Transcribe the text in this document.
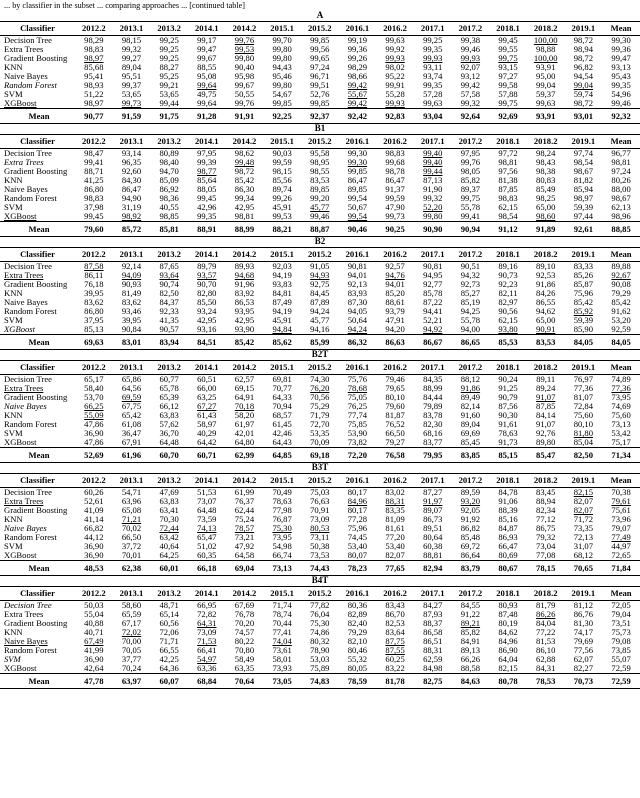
... by classifier in the subset ... comparing approaches ... [continued table]
A
Classifier	2012.2	2013.1	2013.2	2014.1	2014.2	2015.1	2015.2	2016.1	2016.2	2017.1	2017.2	2018.1	2018.2	2019.1	Mean
Decision Tree	98,29	98,15	99,25	99,17	99,76	99,70	99,85	99,19	99,63	99,25	99,38	99,45	100,00	98,72	99,30
Extra Trees	98,83	99,32	99,25	99,47	99,53	99,80	99,56	99,36	99,92	99,35	99,46	99,55	98,88	98,94	99,36
Gradient Boosting	98,97	99,27	99,25	99,67	99,80	99,80	99,65	99,26	99,93	99,93	99,93	99,75	100,00	98,72	99,47
KNN	85,68	89,04	88,27	88,55	90,40	94,43	97,24	98,29	98,02	93,11	92,07	93,15	93,91	96,82	93,13
Naive Bayes	95,41	95,51	95,25	95,08	95,98	95,46	96,71	98,66	95,22	93,74	93,12	97,27	95,00	94,54	95,43
Random Forest	98,93	99,37	99,21	99,64	99,67	99,80	99,51	99,42	99,91	99,35	99,42	99,58	99,04	99,04	99,35
SVM	51,22	53,65	53,65	49,75	50,55	54,67	52,76	55,67	55,28	57,28	57,58	57,88	59,37	59,74	54,96
XGBoost	98,97	99,73	99,44	99,64	99,76	99,85	99,85	99,42	99,93	99,63	99,32	99,75	99,63	98,72	99,46
Mean	90,77	91,59	91,75	91,28	91,91	92,25	92,37	92,42	92,83	93,04	92,64	92,69	93,91	93,01	92,32
B1
Classifier	2012.2	2013.1	2013.2	2014.1	2014.2	2015.1	2015.2	2016.1	2016.2	2017.1	2017.2	2018.1	2018.2	2019.1	Mean
Decision Tree	98,47	93,14	80,89	97,95	98,62	90,03	95,58	99,30	98,83	99,40	97,95	97,72	98,24	97,74	96,77
Extra Trees	99,41	96,35	98,40	99,39	99,48	99,59	98,95	99,30	99,68	99,40	99,76	98,81	98,43	98,54	98,81
Gradient Boosting	88,71	92,60	94,70	98,77	98,72	98,15	98,55	99,85	98,78	99,44	98,05	97,56	98,38	98,67	97,24
KNN	41,25	84,30	85,09	85,64	85,42	85,56	83,53	86,47	86,47	87,13	85,82	81,38	80,83	81,82	80,26
Naive Bayes	86,80	86,47	86,92	88,05	86,30	89,74	89,85	89,85	91,37	91,90	89,37	87,85	85,49	85,94	88,00
Random Forest	98,83	94,90	98,36	99,45	99,34	99,26	99,20	99,54	99,59	99,32	99,75	98,83	98,25	98,97	98,67
SVM	37,98	31,19	40,55	42,96	42,95	45,91	45,77	50,67	47,90	52,20	55,78	62,15	65,00	59,39	62,13
XGBoost	99,45	98,92	98,85	99,35	98,81	99,53	99,46	99,54	99,73	99,80	99,41	98,54	98,60	97,44	98,96
Mean	79,60	85,72	85,81	88,91	88,99	88,21	88,87	90,46	90,25	90,90	90,94	91,12	91,89	92,61	88,85
B2
Classifier	2012.2	2013.1	2013.2	2014.1	2014.2	2015.1	2015.2	2016.1	2016.2	2017.1	2017.2	2018.1	2018.2	2019.1	Mean
Decision Tree	87,58	92,14	87,65	89,79	89,93	92,03	91,05	90,81	92,57	90,81	90,51	89,16	89,10	83,33	89,88
Extra Trees	86,11	94,09	93,64	93,57	94,68	94,19	94,93	94,01	94,76	94,95	94,32	90,73	92,53	85,26	92,67
Gradient Boosting	76,18	90,93	90,74	90,70	91,96	93,83	92,75	92,13	94,01	92,77	92,73	92,23	91,86	85,87	90,08
KNN	39,95	81,49	82,50	82,80	83,92	84,81	84,45	83,93	85,20	85,78	85,27	82,11	84,26	75,96	79,29
Naive Bayes	83,62	83,62	84,37	85,50	86,53	87,49	87,89	87,30	88,61	87,22	85,19	82,97	86,55	85,42	85,42
Random Forest	86,80	93,46	92,33	93,24	93,95	94,19	94,24	94,05	93,79	94,41	94,25	90,56	94,62	85,92	91,62
SVM	37,95	39,95	41,35	42,95	42,95	45,91	45,77	50,64	47,91	52,21	55,78	62,15	65,00	59,39	53,20
XGBoost	85,13	90,84	90,57	93,16	93,90	94,84	94,16	94,24	94,20	94,92	94,00	93,80	90,91	85,90	92,59
Mean	69,63	83,01	83,94	84,51	85,42	85,62	85,99	86,32	86,63	86,67	86,65	85,53	83,53	84,05	84,05
B2T
Classifier	2012.2	2013.1	2013.2	2014.1	2014.2	2015.1	2015.2	2016.1	2016.2	2017.1	2017.2	2018.1	2018.2	2019.1	Mean
Decision Tree	65,17	65,86	60,77	60,51	62,57	69,81	74,30	75,76	79,46	84,35	88,12	90,24	89,11	76,97	74,89
Extra Trees	58,40	64,56	65,78	66,00	69,15	70,77	76,20	78,68	79,65	88,99	91,86	91,25	89,24	77,36	77,36
Gradient Boosting	53,70	69,59	65,39	63,25	64,91	64,33	70,56	75,05	80,10	84,44	89,49	90,79	91,07	81,07	73,95
Naive Bayes	66,25	67,75	66,12	67,27	70,18	70,94	75,29	76,25	79,60	79,89	82,14	87,56	87,85	72,84	74,69
KNN	55,09	65,42	63,83	61,43	58,20	68,57	71,79	77,74	81,87	83,78	91,60	90,30	84,14	75,60	75,60
Random Forest	47,86	61,08	57,62	58,97	61,97	61,45	72,70	75,85	76,52	82,30	89,04	91,61	91,07	80,10	73,13
SVM	36,90	36,47	36,70	40,29	42,01	42,46	53,35	53,90	66,50	68,16	69,69	78,63	92,76	81,80	53,42
XGBoost	47,86	67,91	64,48	64,42	64,80	64,43	70,09	73,82	79,27	83,77	85,45	91,73	89,80	85,04	75,17
Mean	52,69	61,96	60,70	60,71	62,99	64,85	69,18	72,20	76,58	79,95	83,85	85,15	85,47	82,50	71,34
B3T
Classifier	2012.2	2013.1	2013.2	2014.1	2014.2	2015.1	2015.2	2016.1	2016.2	2017.1	2017.2	2018.1	2018.2	2019.1	Mean
Decision Tree	60,26	54,71	47,69	51,53	61,99	70,49	75,03	80,17	83,02	87,27	89,59	84,78	83,45	82,15	70,38
Extra Trees	52,61	63,96	63,83	73,07	76,37	78,63	76,63	84,96	88,31	91,97	93,20	91,06	88,94	82,07	79,61
Gradient Boosting	41,09	65,08	63,41	64,48	62,44	77,98	70,91	80,17	83,35	89,07	92,05	88,39	82,34	82,07	75,61
KNN	41,14	71,21	70,30	73,59	75,24	76,87	73,09	77,28	81,09	86,73	91,92	85,16	77,12	71,72	73,96
Naive Bayes	66,82	70,02	72,44	74,13	78,57	75,30	80,53	75,96	81,61	89,51	86,82	84,87	86,75	73,35	79,07
Random Forest	44,12	66,50	63,42	65,47	73,21	73,95	73,11	74,45	77,20	80,64	85,48	86,93	79,32	72,13	77,49
SVM	36,90	37,72	40,64	51,02	47,92	54,98	50,38	53,40	53,40	60,38	69,72	66,47	73,04	31,07	44,97
XGBoost	36,90	70,01	64,25	60,35	64,58	66,74	73,53	80,07	82,07	88,81	86,64	80,69	77,08	68,12	72,65
Mean	48,53	62,38	60,01	66,18	69,04	73,13	74,43	78,23	77,65	82,94	83,79	80,67	78,15	70,65	71,84
B4T
Classifier	2012.2	2013.1	2013.2	2014.1	2014.2	2015.1	2015.2	2016.1	2016.2	2017.1	2017.2	2018.1	2018.2	2019.1	Mean
Decision Tree	50,03	58,60	48,71	66,95	67,69	71,74	77,82	80,36	83,43	84,27	84,55	80,93	81,79	81,12	72,05
Extra Trees	55,04	65,59	65,14	72,82	76,78	78,74	76,04	82,89	86,70	87,93	91,22	87,48	86,26	86,76	79,04
Gradient Boosting	40,88	67,17	60,56	64,31	70,20	70,44	75,30	82,40	82,53	88,37	89,21	80,19	84,04	81,30	73,51
KNN	40,71	72,02	72,06	73,09	74,57	77,41	74,86	79,29	83,64	86,58	85,82	84,62	77,22	74,17	75,73
Naive Bayes	67,49	70,00	71,71	71,53	80,22	74,04	80,32	82,10	87,75	86,51	84,91	84,96	81,53	79,69	79,08
Random Forest	41,99	70,05	66,55	66,41	70,80	73,61	78,90	80,46	87,55	88,31	89,13	86,90	86,10	77,56	73,85
SVM	36,90	37,77	42,25	54,97	58,49	58,01	53,03	55,32	60,25	62,59	66,26	64,04	62,88	62,07	55,07
XGBoost	42,64	70,24	64,36	63,36	63,35	73,93	75,89	80,05	83,22	84,98	88,58	82,15	84,31	82,27	72,59
Mean	47,78	63,97	60,07	68,84	70,64	73,05	74,83	78,59	81,78	82,75	84,63	80,78	78,53	70,73	72,59
